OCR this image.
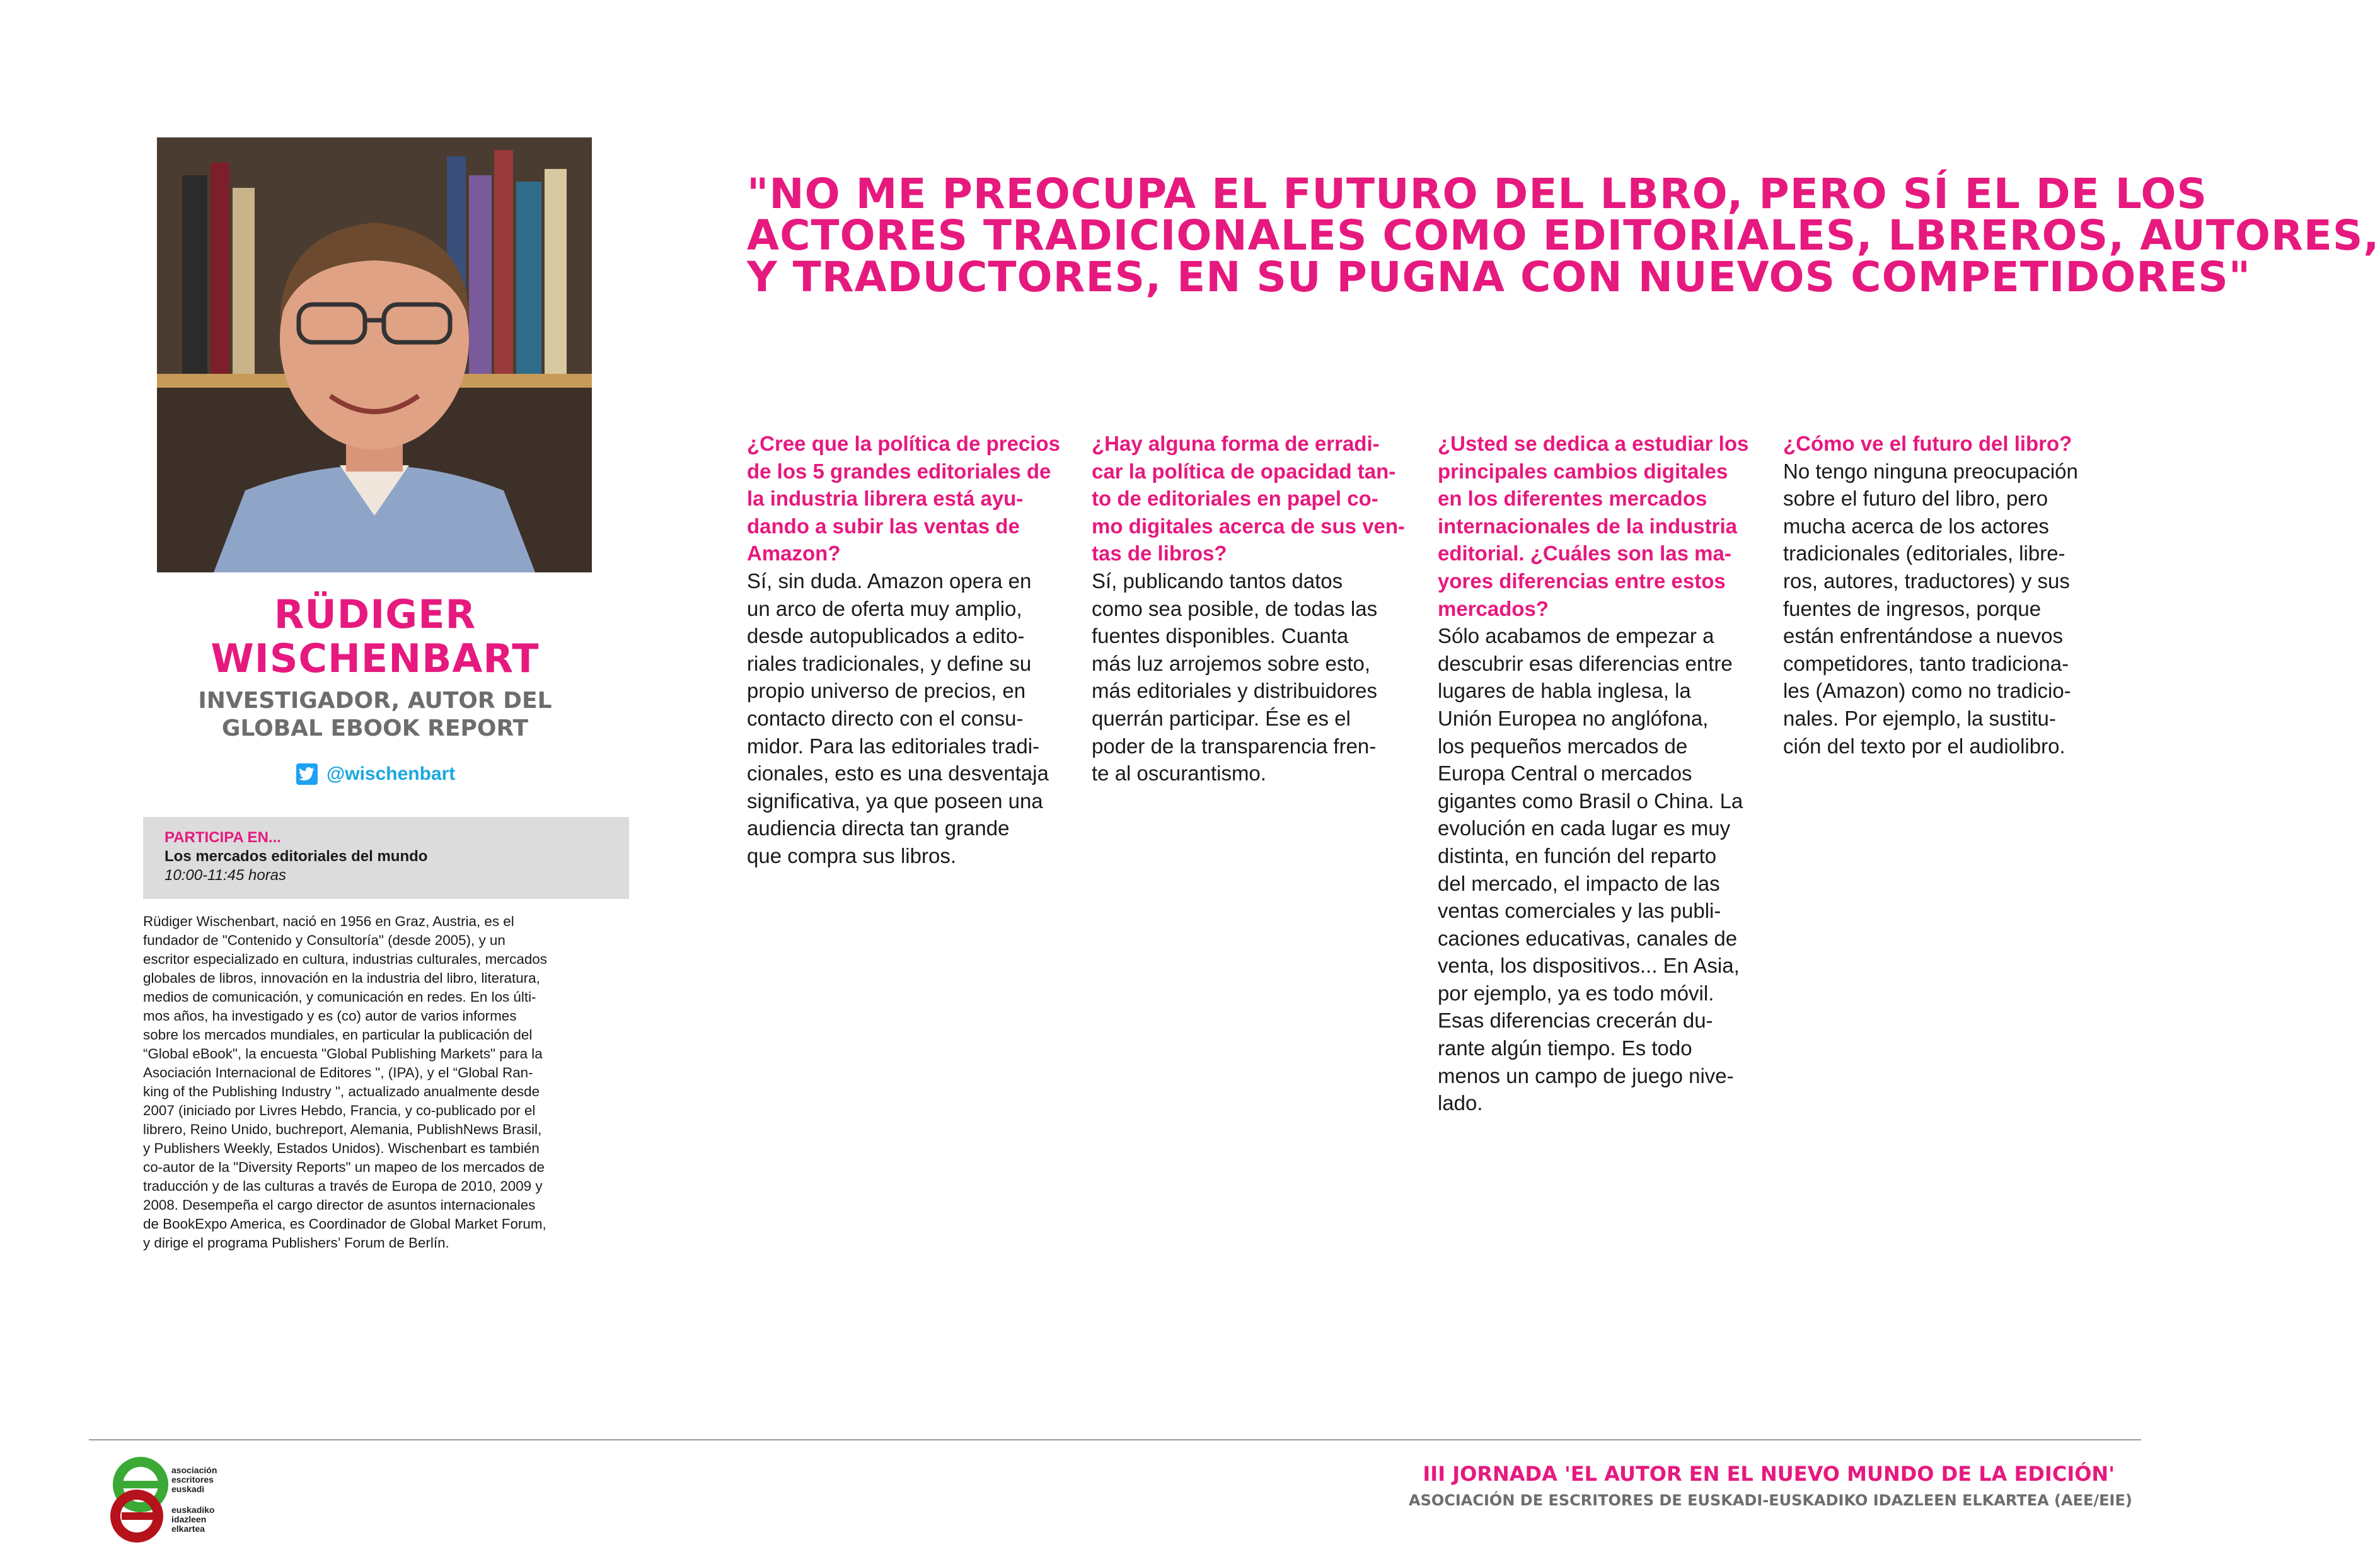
RÜDIGER
WISCHENBART
INVESTIGADOR, AUTOR DEL
GLOBAL EBOOK REPORT
@wischenbart
PARTICIPA EN...
Los mercados editoriales del mundo
10:00-11:45 horas
Rüdiger Wischenbart, nació en 1956 en Graz, Austria, es el
fundador de "Contenido y Consultoría" (desde 2005), y un
escritor especializado en cultura, industrias culturales, mercados
globales de libros, innovación en la industria del libro, literatura,
medios de comunicación, y comunicación en redes. En los últi-
mos años, ha investigado y es (co) autor de varios informes
sobre los mercados mundiales, en particular la publicación del
“Global eBook", la encuesta "Global Publishing Markets" para la
Asociación Internacional de Editores ", (IPA), y el “Global Ran-
king of the Publishing Industry ", actualizado anualmente desde
2007 (iniciado por Livres Hebdo, Francia, y co-publicado por el
librero, Reino Unido, buchreport, Alemania, PublishNews Brasil,
y Publishers Weekly, Estados Unidos). Wischenbart es también
co-autor de la "Diversity Reports" un mapeo de los mercados de
traducción y de las culturas a través de Europa de 2010, 2009 y
2008. Desempeña el cargo director de asuntos internacionales
de BookExpo America, es Coordinador de Global Market Forum,
y dirige el programa Publishers’ Forum de Berlín.
"NO ME PREOCUPA EL FUTURO DEL LBRO, PERO SÍ EL DE LOS
ACTORES TRADICIONALES COMO EDITORIALES, LBREROS, AUTORES,
Y TRADUCTORES, EN SU PUGNA CON NUEVOS COMPETIDORES"
¿Cree que la política de precios
de los 5 grandes editoriales de
la industria librera está ayu-
dando a subir las ventas de
Amazon?
Sí, sin duda. Amazon opera en
un arco de oferta muy amplio,
desde autopublicados a edito-
riales tradicionales, y define su
propio universo de precios, en
contacto directo con el consu-
midor. Para las editoriales tradi-
cionales, esto es una desventaja
significativa, ya que poseen una
audiencia directa tan grande
que compra sus libros.
¿Hay alguna forma de erradi-
car la política de opacidad tan-
to de editoriales en papel co-
mo digitales acerca de sus ven-
tas de libros?
Sí, publicando tantos datos
como sea posible, de todas las
fuentes disponibles. Cuanta
más luz arrojemos sobre esto,
más editoriales y distribuidores
querrán participar. Ése es el
poder de la transparencia fren-
te al oscurantismo.
¿Usted se dedica a estudiar los
principales cambios digitales
en los diferentes mercados
internacionales de la industria
editorial. ¿Cuáles son las ma-
yores diferencias entre estos
mercados?
Sólo acabamos de empezar a
descubrir esas diferencias entre
lugares de habla inglesa, la
Unión Europea no anglófona,
los pequeños mercados de
Europa Central o mercados
gigantes como Brasil o China. La
evolución en cada lugar es muy
distinta, en función del reparto
del mercado, el impacto de las
ventas comerciales y las publi-
caciones educativas, canales de
venta, los dispositivos... En Asia,
por ejemplo, ya es todo móvil.
Esas diferencias crecerán du-
rante algún tiempo. Es todo
menos un campo de juego nive-
lado.
¿Cómo ve el futuro del libro?
No tengo ninguna preocupación
sobre el futuro del libro, pero
mucha acerca de los actores
tradicionales (editoriales, libre-
ros, autores, traductores) y sus
fuentes de ingresos, porque
están enfrentándose a nuevos
competidores, tanto tradiciona-
les (Amazon) como no tradicio-
nales. Por ejemplo, la sustitu-
ción del texto por el audiolibro.
asociación
escritores
euskadi
euskadiko
idazleen
elkartea
III JORNADA 'EL AUTOR EN EL NUEVO MUNDO DE LA EDICIÓN'
ASOCIACIÓN DE ESCRITORES DE EUSKADI-EUSKADIKO IDAZLEEN ELKARTEA (AEE/EIE)
